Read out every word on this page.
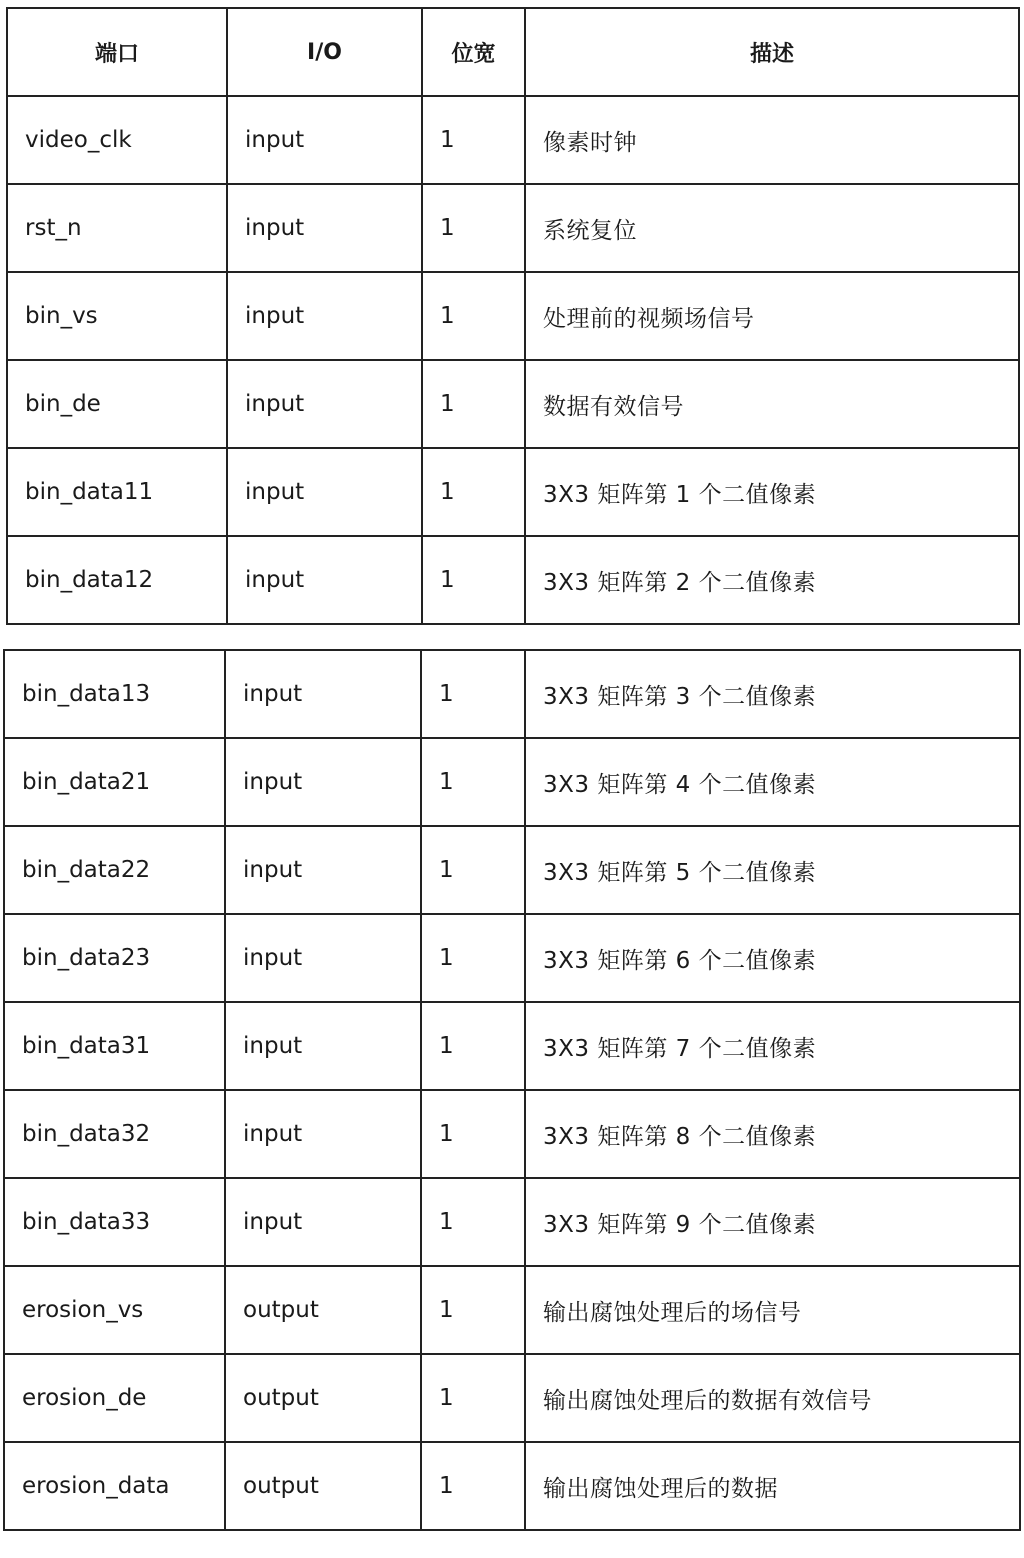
端口	I/O	位宽	描述
video_clk	input	1	像素时钟
rst_n	input	1	系统复位
bin_vs	input	1	处理前的视频场信号
bin_de	input	1	数据有效信号
bin_data11	input	1	3X3 矩阵第 1 个二值像素
bin_data12	input	1	3X3 矩阵第 2 个二值像素
bin_data13	input	1	3X3 矩阵第 3 个二值像素
bin_data21	input	1	3X3 矩阵第 4 个二值像素
bin_data22	input	1	3X3 矩阵第 5 个二值像素
bin_data23	input	1	3X3 矩阵第 6 个二值像素
bin_data31	input	1	3X3 矩阵第 7 个二值像素
bin_data32	input	1	3X3 矩阵第 8 个二值像素
bin_data33	input	1	3X3 矩阵第 9 个二值像素
erosion_vs	output	1	输出腐蚀处理后的场信号
erosion_de	output	1	输出腐蚀处理后的数据有效信号
erosion_data	output	1	输出腐蚀处理后的数据
